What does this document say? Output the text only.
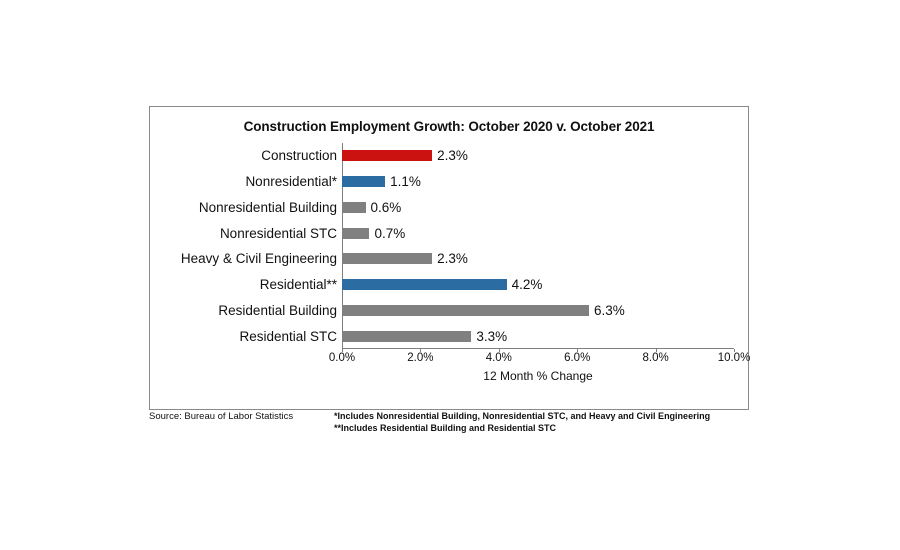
Construction Employment Growth: October 2020 v. October 2021
Construction	2.3%
Nonresidential*	1.1%
Nonresidential Building 0.6%
Nonresidential STC	0.7%
Heavy & Civil Engineering	2.3%
Residential**	4.2%
Residential Building	6.3%
Residential STC	3.3%
0.0%	2.0%	4.0%	6.0%	8.0%	10.0%
12 Month % Change
Source: Bureau of Labor Statistics	*Includes Nonresidential Building, Nonresidential STC, and Heavy and Civil Engineering
**Includes Residential Building and Residential STC
